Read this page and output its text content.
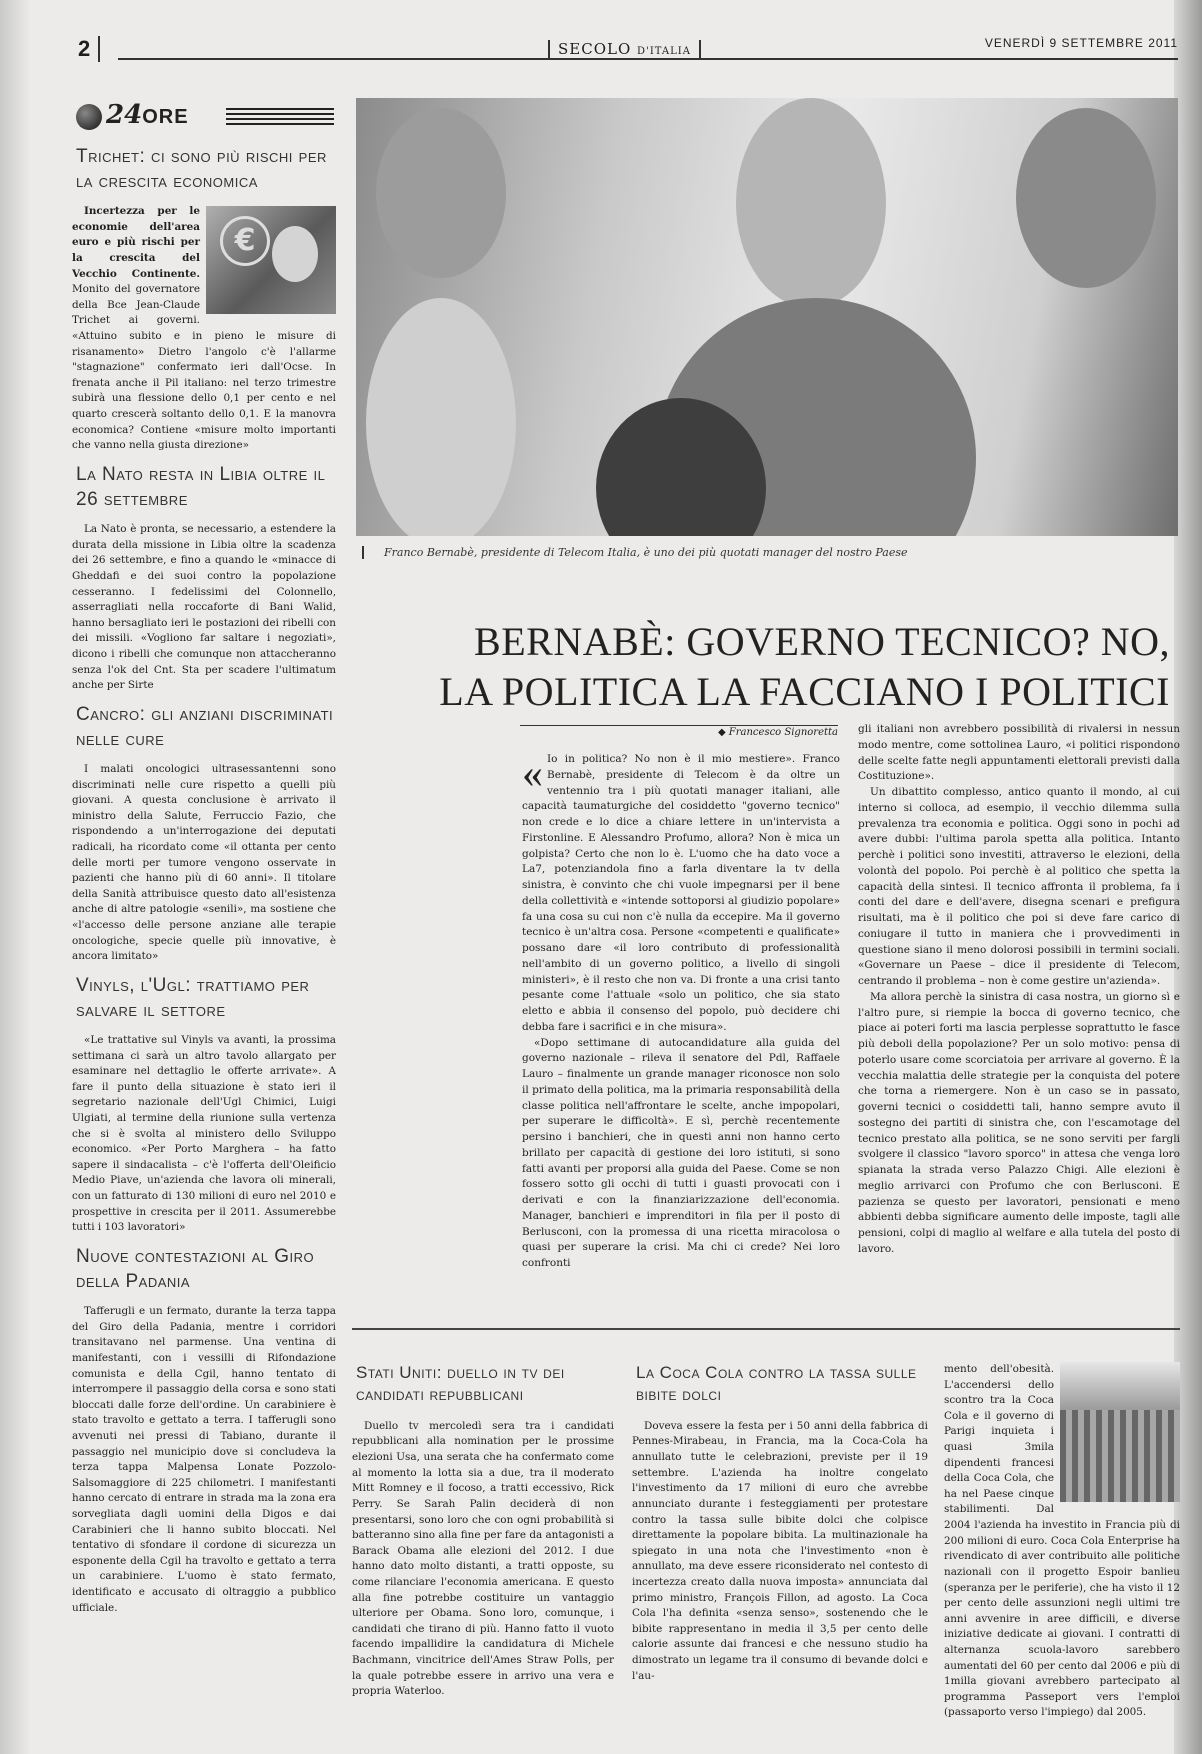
2	SECOLO D'ITALIA
VENERDÌ 9 SETTEMBRE 2011
24ORE
Trichet: ci sono più rischi per la crescita economica
€

Incertezza per le economie dell'area euro e più rischi per la crescita del Vecchio Continente. Monito del governatore della Bce Jean-Claude Trichet ai governi. «Attuino subito e in pieno le misure di risanamento» Dietro l'angolo c'è l'allarme "stagnazione" confermato ieri dall'Ocse. In frenata anche il Pil italiano: nel terzo trimestre subirà una flessione dello 0,1 per cento e nel quarto crescerà soltanto dello 0,1. E la manovra economica? Contiene «misure molto importanti che vanno nella giusta direzione»

La Nato resta in Libia oltre il 26 settembre

La Nato è pronta, se necessario, a estendere la durata della missione in Libia oltre la scadenza dei 26 settembre, e fino a quando le «minacce di Gheddafi e dei suoi contro la popolazione cesseranno. I fedelissimi del Colonnello, asserragliati nella roccaforte di Bani Walid, hanno bersagliato ieri le postazioni dei ribelli con dei missili. «Vogliono far saltare i negoziati», dicono i ribelli che comunque non attaccheranno senza l'ok del Cnt. Sta per scadere l'ultimatum anche per Sirte

Cancro: gli anziani discriminati nelle cure

I malati oncologici ultrasessantenni sono discriminati nelle cure rispetto a quelli più giovani. A questa conclusione è arrivato il ministro della Salute, Ferruccio Fazio, che rispondendo a un'interrogazione dei deputati radicali, ha ricordato come «il ottanta per cento delle morti per tumore vengono osservate in pazienti che hanno più di 60 anni». Il titolare della Sanità attribuisce questo dato all'esistenza anche di altre patologie «senili», ma sostiene che «l'accesso delle persone anziane alle terapie oncologiche, specie quelle più innovative, è ancora limitato»

Vinyls, l'Ugl: trattiamo per salvare il settore

«Le trattative sul Vinyls va avanti, la prossima settimana ci sarà un altro tavolo allargato per esaminare nel dettaglio le offerte arrivate». A fare il punto della situazione è stato ieri il segretario nazionale dell'Ugl Chimici, Luigi Ulgiati, al termine della riunione sulla vertenza che si è svolta al ministero dello Sviluppo economico. «Per Porto Marghera – ha fatto sapere il sindacalista – c'è l'offerta dell'Oleificio Medio Piave, un'azienda che lavora oli minerali, con un fatturato di 130 milioni di euro nel 2010 e prospettive in crescita per il 2011. Assumerebbe tutti i 103 lavoratori»

Nuove contestazioni al Giro della Padania

Tafferugli e un fermato, durante la terza tappa del Giro della Padania, mentre i corridori transitavano nel parmense. Una ventina di manifestanti, con i vessilli di Rifondazione comunista e della Cgil, hanno tentato di interrompere il passaggio della corsa e sono stati bloccati dalle forze dell'ordine. Un carabiniere è stato travolto e gettato a terra. I tafferugli sono avvenuti nei pressi di Tabiano, durante il passaggio nel municipio dove si concludeva la terza tappa Malpensa Lonate Pozzolo-Salsomaggiore di 225 chilometri. I manifestanti hanno cercato di entrare in strada ma la zona era sorvegliata dagli uomini della Digos e dai Carabinieri che li hanno subito bloccati. Nel tentativo di sfondare il cordone di sicurezza un esponente della Cgil ha travolto e gettato a terra un carabiniere. L'uomo è stato fermato, identificato e accusato di oltraggio a pubblico ufficiale.

Franco Bernabè, presidente di Telecom Italia, è uno dei più quotati manager del nostro Paese
BERNABÈ: GOVERNO TECNICO? NO,
LA POLITICA LA FACCIANO I POLITICI
◆ Francesco Signoretta
« Io in politica? No non è il mio mestiere». Franco Bernabè, presidente di Telecom è da oltre un ventennio tra i più quotati manager italiani, alle capacità taumaturgiche del cosiddetto "governo tecnico" non crede e lo dice a chiare lettere in un'intervista a Firstonline. E Alessandro Profumo, allora? Non è mica un golpista? Certo che non lo è. L'uomo che ha dato voce a La7, potenziandola fino a farla diventare la tv della sinistra, è convinto che chi vuole impegnarsi per il bene della collettività e «intende sottoporsi al giudizio popolare» fa una cosa su cui non c'è nulla da eccepire. Ma il governo tecnico è un'altra cosa. Persone «competenti e qualificate» possano dare «il loro contributo di professionalità nell'ambito di un governo politico, a livello di singoli ministeri», è il resto che non va. Di fronte a una crisi tanto pesante come l'attuale «solo un politico, che sia stato eletto e abbia il consenso del popolo, può decidere chi debba fare i sacrifici e in che misura».

«Dopo settimane di autocandidature alla guida del governo nazionale – rileva il senatore del Pdl, Raffaele Lauro – finalmente un grande manager riconosce non solo il primato della politica, ma la primaria responsabilità della classe politica nell'affrontare le scelte, anche impopolari, per superare le difficoltà». E sì, perchè recentemente persino i banchieri, che in questi anni non hanno certo brillato per capacità di gestione dei loro istituti, si sono fatti avanti per proporsi alla guida del Paese. Come se non fossero sotto gli occhi di tutti i guasti provocati con i derivati e con la finanziarizzazione dell'economia. Manager, banchieri e imprenditori in fila per il posto di Berlusconi, con la promessa di una ricetta miracolosa o quasi per superare la crisi. Ma chi ci crede? Nei loro confronti

gli italiani non avrebbero possibilità di rivalersi in nessun modo mentre, come sottolinea Lauro, «i politici rispondono delle scelte fatte negli appuntamenti elettorali previsti dalla Costituzione».

Un dibattito complesso, antico quanto il mondo, al cui interno si colloca, ad esempio, il vecchio dilemma sulla prevalenza tra economia e politica. Oggi sono in pochi ad avere dubbi: l'ultima parola spetta alla politica. Intanto perchè i politici sono investiti, attraverso le elezioni, della volontà del popolo. Poi perchè è al politico che spetta la capacità della sintesi. Il tecnico affronta il problema, fa i conti del dare e dell'avere, disegna scenari e prefigura risultati, ma è il politico che poi si deve fare carico di coniugare il tutto in maniera che i provvedimenti in questione siano il meno dolorosi possibili in termini sociali. «Governare un Paese – dice il presidente di Telecom, centrando il problema – non è come gestire un'azienda».

Ma allora perchè la sinistra di casa nostra, un giorno sì e l'altro pure, si riempie la bocca di governo tecnico, che piace ai poteri forti ma lascia perplesse soprattutto le fasce più deboli della popolazione? Per un solo motivo: pensa di poterlo usare come scorciatoia per arrivare al governo. È la vecchia malattia delle strategie per la conquista del potere che torna a riemergere. Non è un caso se in passato, governi tecnici o cosiddetti tali, hanno sempre avuto il sostegno dei partiti di sinistra che, con l'escamotage del tecnico prestato alla politica, se ne sono serviti per fargli svolgere il classico "lavoro sporco" in attesa che venga loro spianata la strada verso Palazzo Chigi. Alle elezioni è meglio arrivarci con Profumo che con Berlusconi. E pazienza se questo per lavoratori, pensionati e meno abbienti debba significare aumento delle imposte, tagli alle pensioni, colpi di maglio al welfare e alla tutela del posto di lavoro.

Stati Uniti: duello in tv dei candidati repubblicani

Duello tv mercoledì sera tra i candidati repubblicani alla nomination per le prossime elezioni Usa, una serata che ha confermato come al momento la lotta sia a due, tra il moderato Mitt Romney e il focoso, a tratti eccessivo, Rick Perry. Se Sarah Palin deciderà di non presentarsi, sono loro che con ogni probabilità si batteranno sino alla fine per fare da antagonisti a Barack Obama alle elezioni del 2012. I due hanno dato molto distanti, a tratti opposte, su come rilanciare l'economia americana. E questo alla fine potrebbe costituire un vantaggio ulteriore per Obama. Sono loro, comunque, i candidati che tirano di più. Hanno fatto il vuoto facendo impallidire la candidatura di Michele Bachmann, vincitrice dell'Ames Straw Polls, per la quale potrebbe essere in arrivo una vera e propria Waterloo.

La Coca Cola contro la tassa sulle bibite dolci

Doveva essere la festa per i 50 anni della fabbrica di Pennes-Mirabeau, in Francia, ma la Coca-Cola ha annullato tutte le celebrazioni, previste per il 19 settembre. L'azienda ha inoltre congelato l'investimento da 17 milioni di euro che avrebbe annunciato durante i festeggiamenti per protestare contro la tassa sulle bibite dolci che colpisce direttamente la popolare bibita. La multinazionale ha spiegato in una nota che l'investimento «non è annullato, ma deve essere riconsiderato nel contesto di incertezza creato dalla nuova imposta» annunciata dal primo ministro, François Fillon, ad agosto. La Coca Cola l'ha definita «senza senso», sostenendo che le bibite rappresentano in media il 3,5 per cento delle calorie assunte dai francesi e che nessuno studio ha dimostrato un legame tra il consumo di bevande dolci e l'au-

mento dell'obesità. L'accendersi dello scontro tra la Coca Cola e il governo di Parigi inquieta i quasi 3mila dipendenti francesi della Coca Cola, che ha nel Paese cinque stabilimenti. Dal 2004 l'azienda ha investito in Francia più di 200 milioni di euro. Coca Cola Enterprise ha rivendicato di aver contribuito alle politiche nazionali con il progetto Espoir banlieu (speranza per le periferie), che ha visto il 12 per cento delle assunzioni negli ultimi tre anni avvenire in aree difficili, e diverse iniziative dedicate ai giovani. I contratti di alternanza scuola-lavoro sarebbero aumentati del 60 per cento dal 2006 e più di 1milla giovani avrebbero partecipato al programma Passeport vers l'emploi (passaporto verso l'impiego) dal 2005.
